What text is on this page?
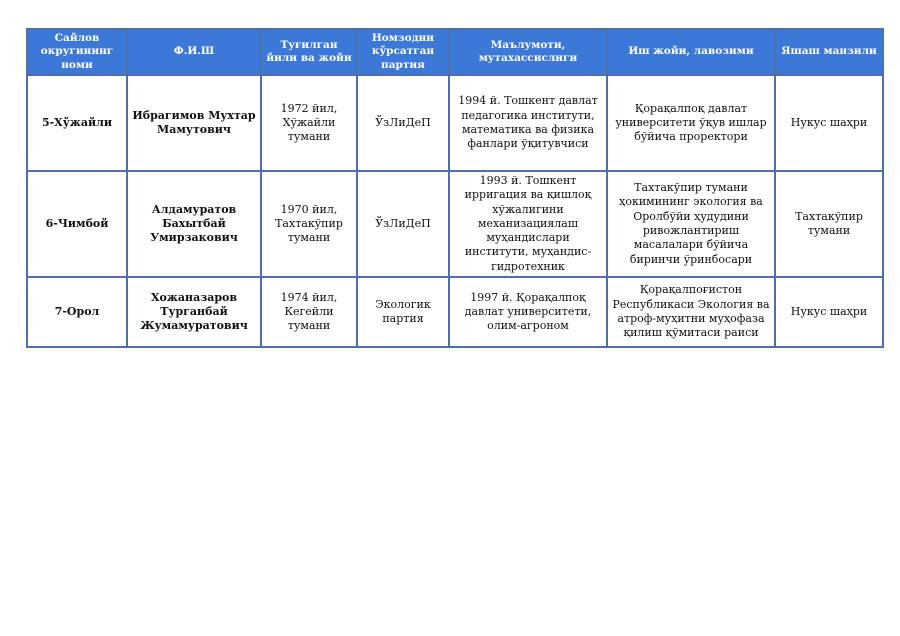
Сайлов округининг номи	Ф.И.Ш	Туғилган йили ва жойи	Номзодни кўрсатган партия	Маълумоти, мутахассислиги	Иш жойи, лавозими	Яшаш манзили
5-Хўжайли	Ибрагимов Мухтар Мамутович	1972 йил, Хўжайли тумани	ЎзЛиДеП	1994 й. Тошкент давлат педагогика институти, математика ва физика фанлари ўқитувчиси	Қорақалпоқ давлат университети ўқув ишлар бўйича проректори	Нукус шаҳри
6-Чимбой	Алдамуратов Бахытбай Умирзакович	1970 йил, Тахтакўпир тумани	ЎзЛиДеП	1993 й. Тошкент ирригация ва қишлоқ хўжалигини механизациялаш муҳандислари институти, муҳандис-гидротехник	Тахтакўпир тумани ҳокимининг экология ва Оролбўйи ҳудудини ривожлантириш масалалари бўйича биринчи ўринбосари	Тахтакўпир тумани
7-Орол	Хожаназаров Турганбай Жумамуратович	1974 йил, Кегейли тумани	Экологик партия	1997 й. Қорақалпоқ давлат университети, олим-агроном	Қорақалпоғистон Республикаси Экология ва атроф-муҳитни муҳофаза қилиш қўмитаси раиси	Нукус шаҳри
